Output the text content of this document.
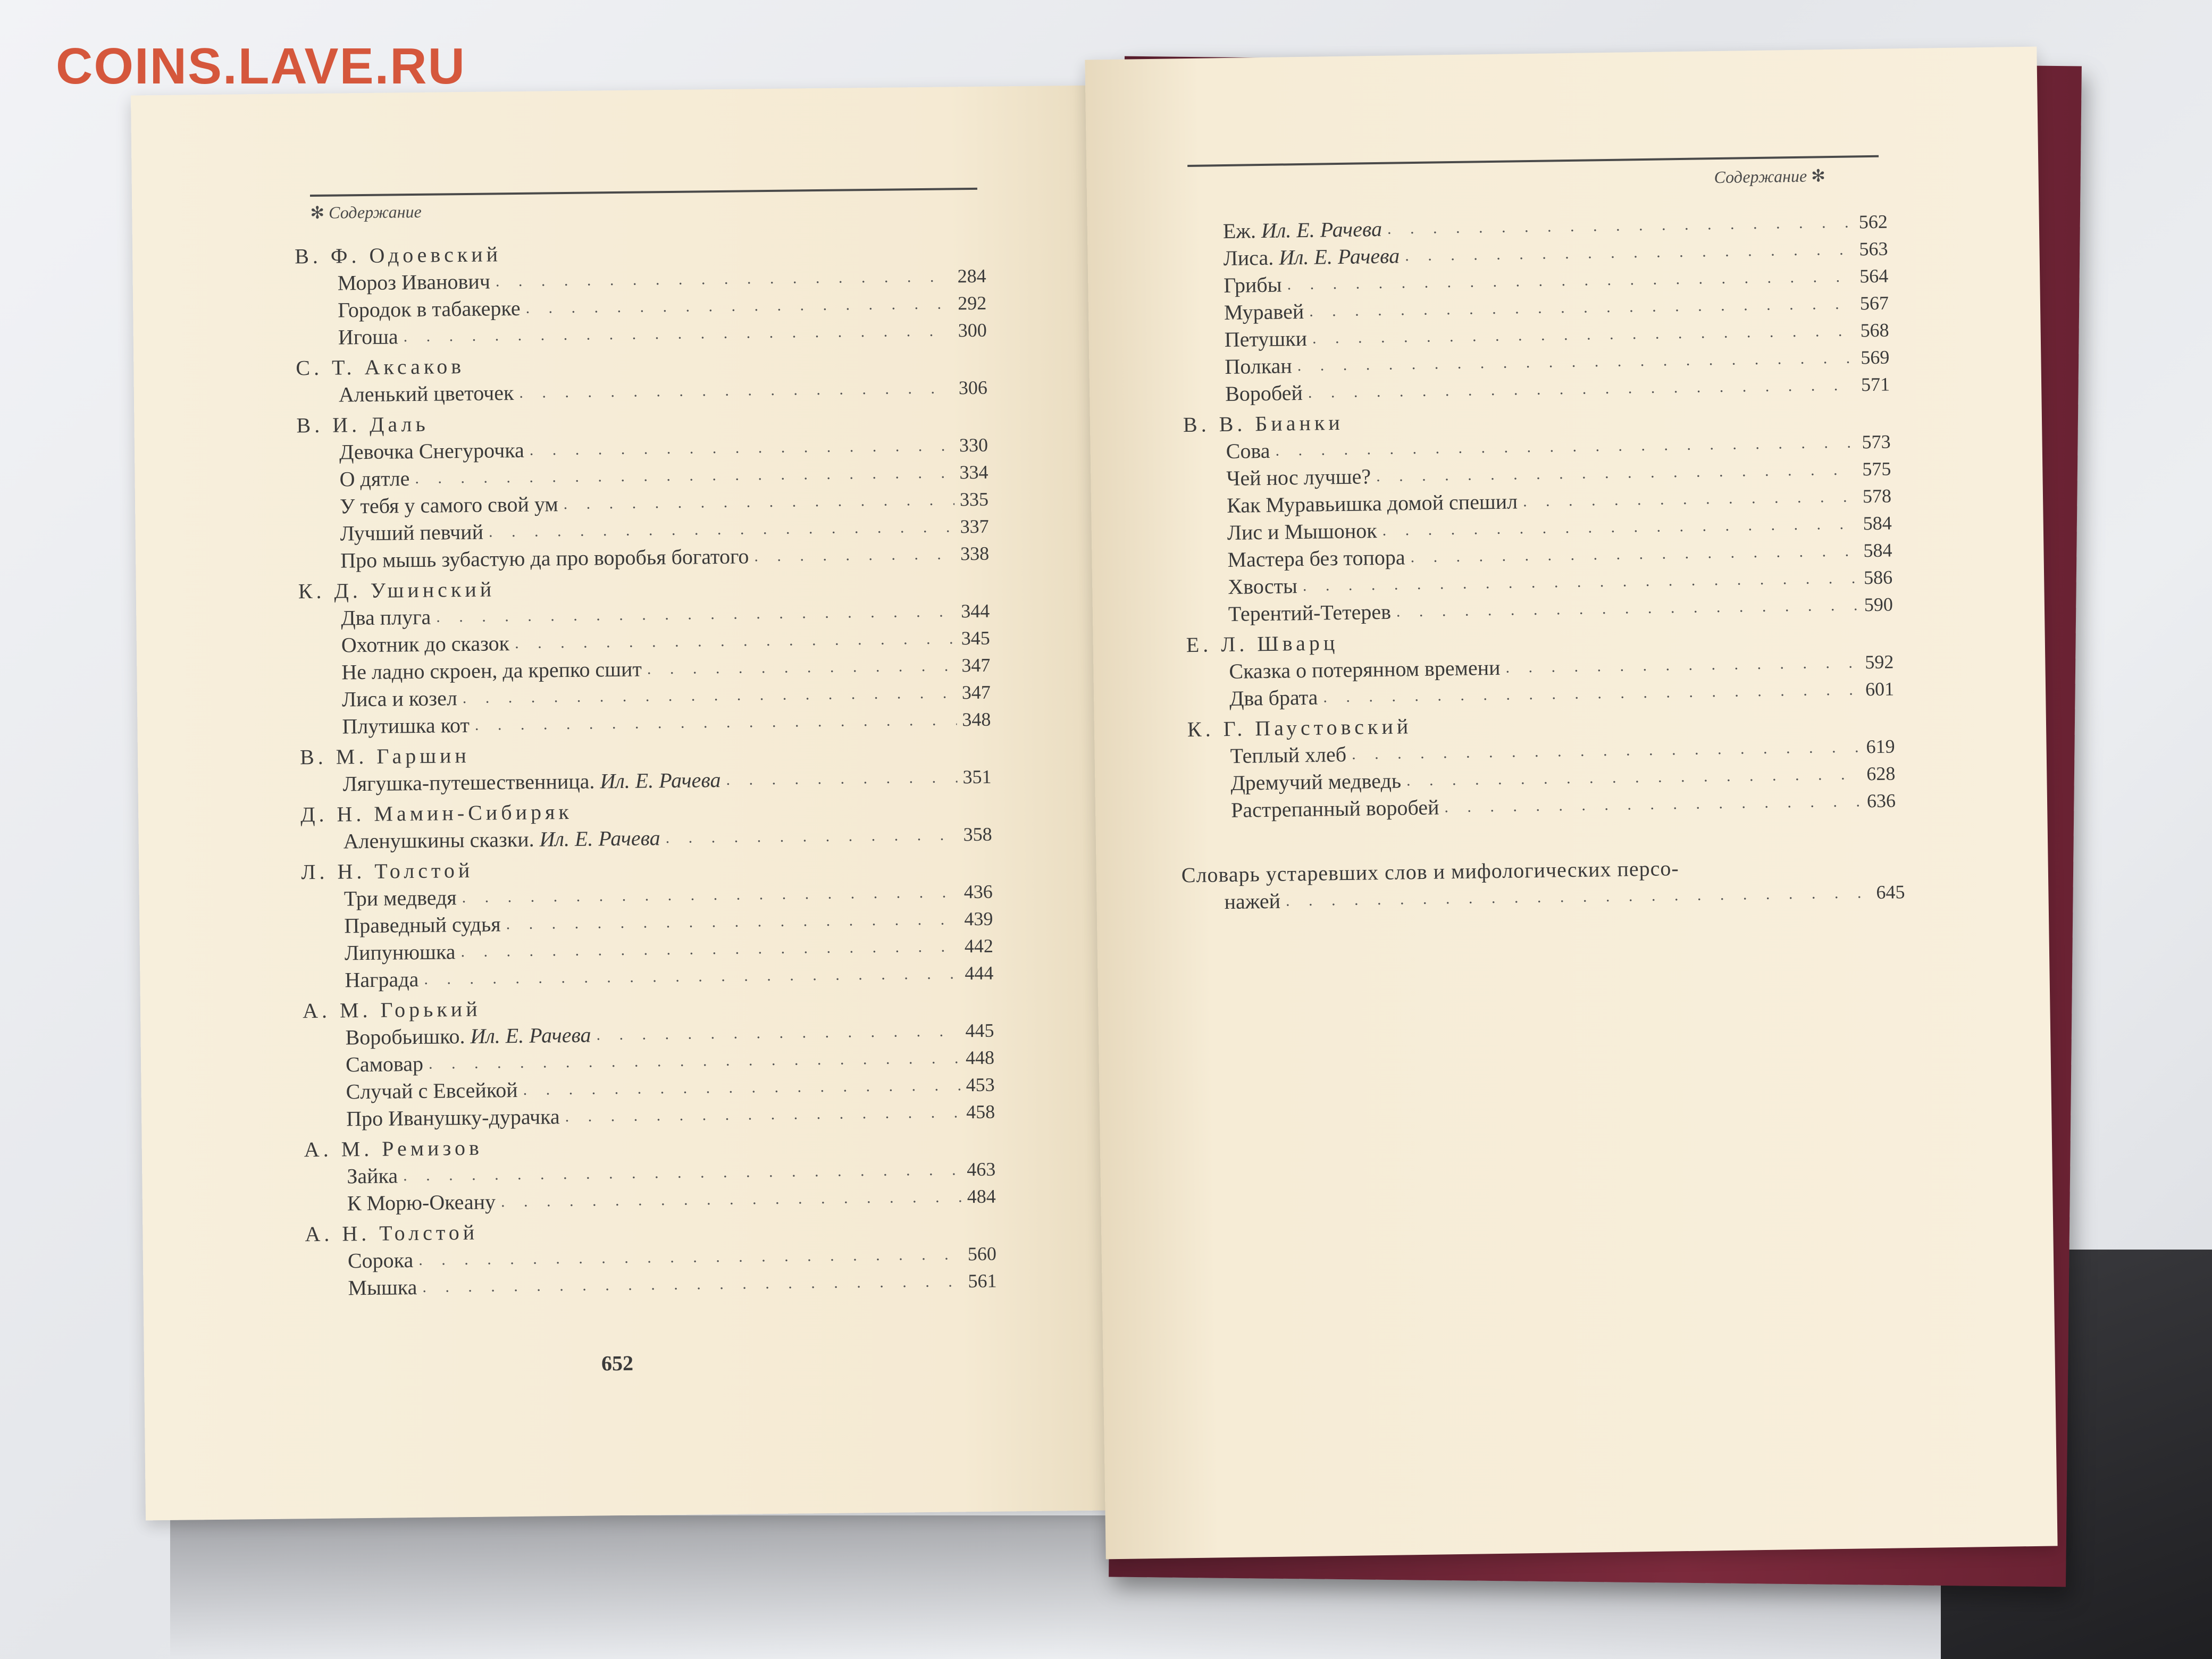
COINS.LAVE.RU
✻ Содержание
В. Ф. Одоевский
Мороз Иванович . . .	284
Городок в табакерке . . .	292
Игоша . . .	300
С. Т. Аксаков
Аленький цветочек . . .	306
В. И. Даль
Девочка Снегурочка . . .	330
О дятле . . .	334
У тебя у самого свой ум . . .	335
Лучший певчий . . .	337
Про мышь зубастую да про воробья богатого . . .	338
К. Д. Ушинский
Два плуга . . .	344
Охотник до сказок . . .	345
Не ладно скроен, да крепко сшит . . .	347
Лиса и козел . . .	347
Плутишка кот . . .	348
В. М. Гаршин
Лягушка-путешественница. Ил. Е. Рачева . . .	351
Д. Н. Мамин-Сибиряк
Аленушкины сказки. Ил. Е. Рачева . . .	358
Л. Н. Толстой
Три медведя . . .	436
Праведный судья . . .	439
Липунюшка . . .	442
Награда . . .	444
А. М. Горький
Воробьишко. Ил. Е. Рачева . . .	445
Самовар . . .	448
Случай с Евсейкой . . .	453
Про Иванушку-дурачка . . .	458
А. М. Ремизов
Зайка . . .	463
К Морю-Океану . . .	484
А. Н. Толстой
Сорока . . .	560
Мышка . . .	561
652
Содержание ✻
Еж. Ил. Е. Рачева . . .	562
Лиса. Ил. Е. Рачева . . .	563
Грибы . . .	564
Муравей . . .	567
Петушки . . .	568
Полкан . . .	569
Воробей . . .	571
В. В. Бианки
Сова . . .	573
Чей нос лучше? . . .	575
Как Муравьишка домой спешил . . .	578
Лис и Мышонок . . .	584
Мастера без топора . . .	584
Хвосты . . .	586
Терентий-Тетерев . . .	590
Е. Л. Шварц
Сказка о потерянном времени . . .	592
Два брата . . .	601
К. Г. Паустовский
Теплый хлеб . . .	619
Дремучий медведь . . .	628
Растрепанный воробей . . .	636
Словарь устаревших слов и мифологических персо-
нажей . . .	645
